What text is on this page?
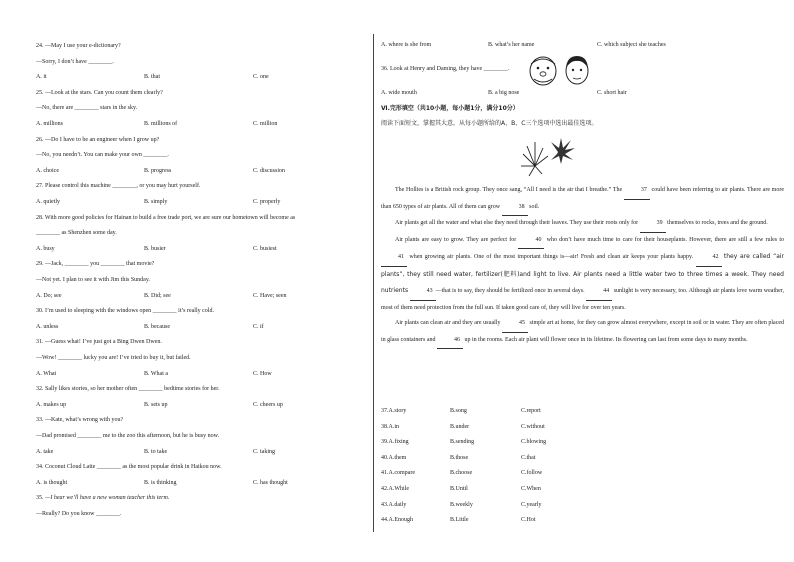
24. —May I use your e-dictionary?
—Sorry, I don’t have ________.
A. it	B. that	C. one
25. —Look at the stars. Can you count them clearly?
—No, there are ________ stars in the sky.
A. millions	B. millions of	C. million
26. —Do I have to be an engineer when I grow up?
—No, you needn’t. You can make your own ________.
A. choice	B. progress	C. discussion
27. Please control this machine ________, or you may hurt yourself.
A. quietly	B. simply	C. properly
28. With more good policies for Hainan to build a free trade port, we are sure our hometown will become as
________ as Shenzhen some day.
A. busy	B. busier	C. busiest
29. —Jack, ________ you ________ that movie?
—Not yet. I plan to see it with Jim this Sunday.
A. Do; see	B. Did; see	C. Have; seen
30. I’m used to sleeping with the windows open ________ it’s really cold.
A. unless	B. because	C. if
31. —Guess what! I’ve just got a Bing Dwen Dwen.
—Wow! ________ lucky you are! I’ve tried to buy it, but failed.
A. What	B. What a	C. How
32. Sally likes stories, so her mother often ________ bedtime stories for her.
A. makes up	B. sets up	C. cheers up
33. —Kate, what’s wrong with you?
—Dad promised ________ me to the zoo this afternoon, but he is busy now.
A. take	B. to take	C. taking
34. Coconut Cloud Latte ________ as the most popular drink in Haikou now.
A. is thought	B. is thinking	C. has thought
35. —I hear we’ll have a new woman teacher this term.
—Really? Do you know ________.
A. where is she from	B. what’s her name	C. which subject she teaches
36. Look at Henry and Daming, they have ________.
A. wide mouth	B. a big nose	C. short hair
Ⅵ.完形填空（共10小题，每小题1分，满分10分）
阅读下面短文，掌握其大意，从每小题所给的A、B、C三个选项中选出最佳选项。
The Hollies is a British rock group. They once sang, “All I need is the air that I breathe.” The	37 could have been referring to air plants. There are more than 650 types of air plants. All of them can grow	38 soil.
Air plants get all the water and what else they need through their leaves. They use their roots only for	39 themselves to rocks, trees and the ground.
Air plants are easy to grow. They are perfect for	40 who don’t have much time to care for their houseplants. However, there are still a few rules to 41 when growing air plants. One of the most important things is—air! Fresh and clean air keeps your plants happy.	42 they are called “air plants”, they still need water, fertilizer(肥料)and light to live. Air plants need a little water two to three times a week. They need nutrients	43 —that is to say, they should be fertilized once in several days.	44 sunlight is very necessary, too. Although air plants love warm weather, most of them need protection from the full sun. If taken good care of, they will live for over ten years.
Air plants can clean air and they are usually	45 simple art at home, for they can grow almost everywhere, except in soil or in water. They are often placed in glass containers and	46 up in the rooms. Each air plant will flower once in its lifetime. Its flowering can last from some days to many months.
37.A.story	B.song	C.report
38.A.in	B.under	C.without
39.A.fixing	B.sending	C.blowing
40.A.them	B.those	C.that
41.A.compare	B.choose	C.follow
42.A.While	B.Until	C.When
43.A.daily	B.weekly	C.yearly
44.A.Enough	B.Little	C.Hot
